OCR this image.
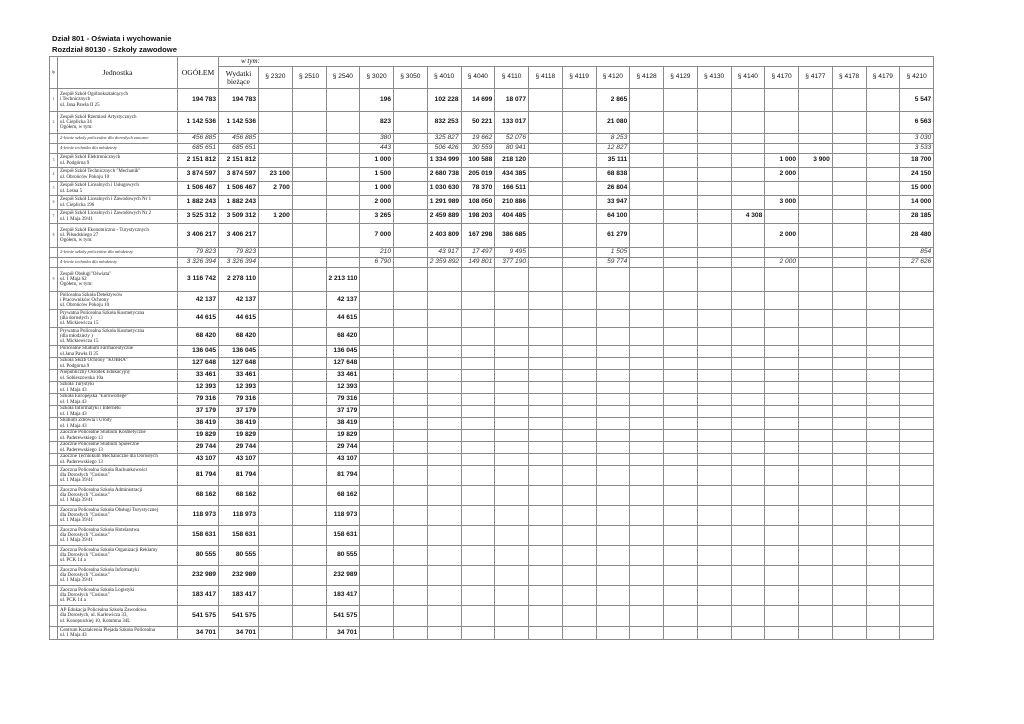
Dział 801 - Oświata i wychowanie
Rozdział 80130 - Szkoły zawodowe
lp	Jednostka	OGÓŁEM	w tym:																				
			Wydatki bieżące	§ 2320	§ 2510	§ 2540	§ 3020	§ 3050	§ 4010	§ 4040	§ 4110	§ 4118	§ 4119	§ 4120	§ 4128	§ 4129	§ 4130	§ 4140	§ 4170	§ 4177	§ 4178	§ 4179	§ 4210
1	Zespół Szkół Ogólnokształcących
i Technicznych
ul. Jana Pawła II 25	194 783	194 783				196		102 228	14 699	18 077			2 865									5 547
2	Zespół Szkół Rzemiosł Artystycznych
ul. Cieplicka 34
Ogółem, w tym:	1 142 536	1 142 536				823		832 253	50 221	133 017			21 080									6 563

	2-letnie szkoły policealne dla dorosłych zaoczne	456 885	456 885				380		325 827	19 662	52 076			8 253									3 030

	4-letnie technika dla młodzieży	685 651	685 651				443		506 426	30 559	80 941			12 827									3 533
3	Zespół Szkół Elektronicznych
ul. Podgórna 9	2 151 812	2 151 812				1 000		1 334 999	100 588	218 120			35 111					1 000	3 900			18 700
4	Zespół Szkół Technicznych "Mechanik"
ul. Obrońców Pokoju 10	3 874 597	3 874 597	23 100			1 500		2 680 738	205 019	434 385			68 838					2 000				24 150
5	Zespół Szkół Licealnych i Usługowych
ul. Leśna 5	1 506 467	1 506 467	2 700			1 000		1 030 630	78 370	166 511			26 804									15 000
6	Zespół Szkół Licealnych i Zawodowych Nr 1
ul. Cieplicka 196	1 882 243	1 882 243				2 000		1 291 989	108 050	210 886			33 947					3 000				14 000
7	Zespół Szkół Licealnych i Zawodowych Nr 2
ul. 1 Maja 39/41	3 525 312	3 509 312	1 200			3 265		2 459 889	198 203	404 485			64 100				4 308					28 185
8	Zespół Szkół Ekonomiczno - Turystycznych
ul. Piłsudskiego 27
Ogółem, w tym:	3 406 217	3 406 217				7 000		2 403 809	167 298	386 685			61 279					2 000				28 480

	2-letnie szkoły policealne dla młodzieży	79 823	79 823				210		43 917	17 497	9 495			1 505									854

	4-letnie technika dla młodzieży	3 326 394	3 326 394				6 790		2 359 892	149 801	377 190			59 774					2 000				27 626
9	Zespół Obsługi"Oświata"
ul. 1 Maja 62
Ogółem, w tym:	3 116 742	2 278 110			2 213 110																	

	Policealna Szkoła Detektywów
i Pracowników Ochrony
ul. Obrońców Pokoju 10	42 137	42 137			42 137																	

	Prywatna Policealna Szkoła Kosmetyczna
(dla dorosłych )
ul. Mickiewicza 15	44 615	44 615			44 615																	

	Prywatna Policealna Szkoła Kosmetyczna
(dla młodzieży )
ul. Mickiewicza 15	68 420	68 420			68 420																	

	Policealne Studium Farmaceutyczne
ul.Jana Pawła II 25	136 045	136 045			136 045																	

	Szkoła Służb Ochrony "KOBRA"
ul. Podgórna 9	127 648	127 648			127 648																	

	Niepubliczny Ośrodek Edukacyjny
ul. Sobieszowska 10a	33 461	33 461			33 461																	

	Szkoła Turystyki
ul. 1 Maja 43	12 393	12 393			12 393																	

	Szkoła Europejska "Euroworlege"
ul. 1 Maja 43	79 316	79 316			79 316																	

	Szkoła Informatyki i Internetu
ul. 1 Maja 43	37 179	37 179			37 179																	

	Studium Zdrowia i Urody
ul. 1 Maja 43	38 419	38 419			38 419																	

	Zaoczne Policealne Studium Kosmetyczne
ul. Paderewskiego 13	19 829	19 829			19 829																	

	Zaoczne Policealne Studium Społeczne
ul. Paderewskiego 13	29 744	29 744			29 744																	

	Zaoczne Technikum Mechaniczne dla Dorosłych
ul. Paderewskiego 13	43 107	43 107			43 107																	

	Zaoczna Policealna Szkoła Rachunkowości
dla Dorosłych "Cosinus"
ul. 1 Maja 39/41	81 794	81 794			81 794																	

	Zaoczna Policealna Szkoła Administracji
dla Dorosłych "Cosinus"
ul. 1 Maja 39/41	68 162	68 162			68 162																	

	Zaoczna Policealna Szkoła Obsługi Turystycznej
dla Dorosłych "Cosinus"
ul. 1 Maja 39/41	118 973	118 973			118 973																	

	Zaoczna Policealna Szkoła Hotelarstwa
dla Dorosłych "Cosinus"
ul. 1 Maja 39/41	158 631	158 631			158 631																	

	Zaoczna Policealna Szkoła Organizacji Reklamy
dla Dorosłych "Cosinus"
ul. PCK 14 a	80 555	80 555			80 555																	

	Zaoczna Policealna Szkoła Informatyki
dla Dorosłych "Cosinus"
ul. 1 Maja 39/41	232 989	232 989			232 989																	

	Zaoczna Policealna Szkoła Logistyki
dla Dorosłych "Cosinus"
ul. PCK 14 a	183 417	183 417			183 417																	

	AP Edukacja Policealna Szkoła Zawodowa
dla Dorosłych, ul. Karłowicza 33,
ul. Konopnickiej 10, Kotumna 34L	541 575	541 575			541 575																	

	Centrum Kształcenia Plejada Szkoła Policealna
ul. 1 Maja 43	34 701	34 701			34 701																	
